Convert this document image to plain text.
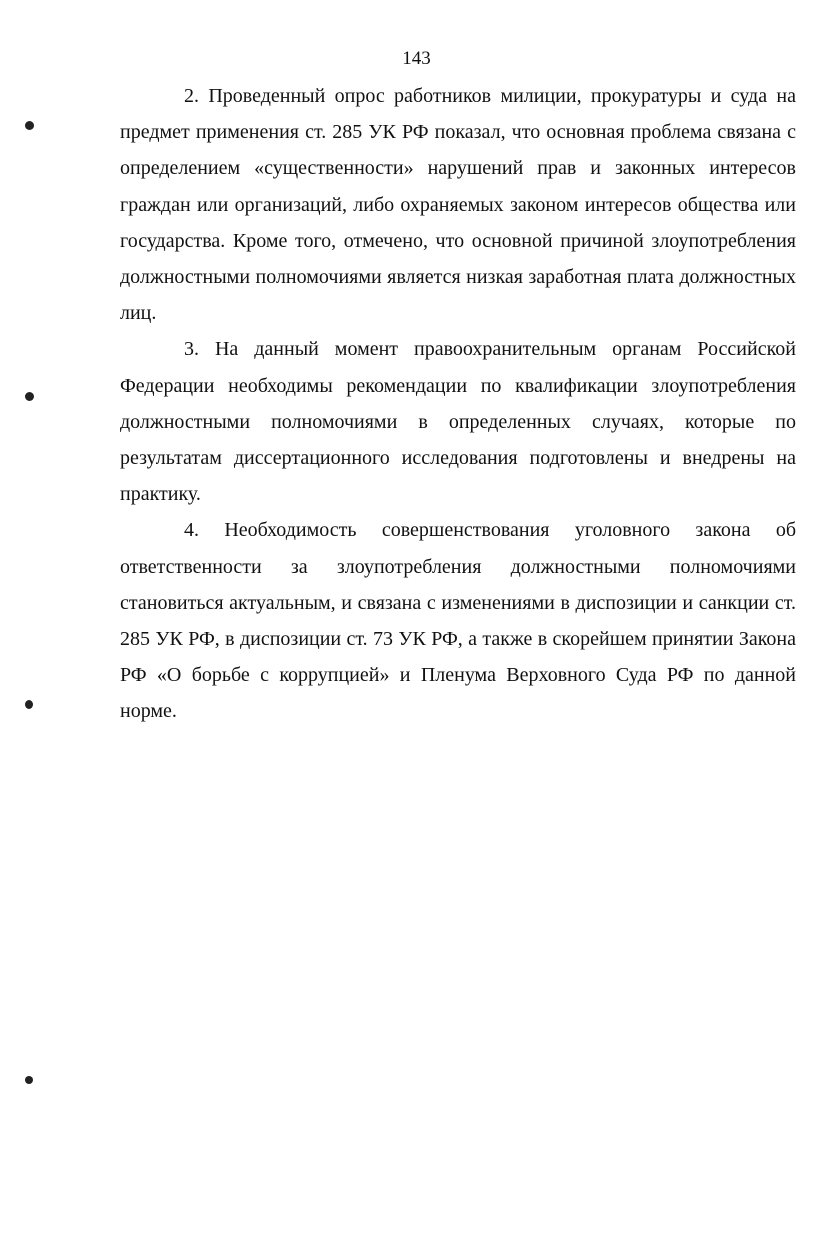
143

2. Проведенный опрос работников милиции, прокуратуры и суда на предмет применения ст. 285 УК РФ показал, что основная проблема связана с определением «существенности» нарушений прав и законных интересов граждан или организаций, либо охраняемых законом интересов общества или государства. Кроме того, отмечено, что основной причиной злоупотребления должностными полномочиями является низкая заработная плата должностных лиц.

3. На данный момент правоохранительным органам Российской Федерации необходимы рекомендации по квалификации злоупотребления должностными полномочиями в определенных случаях, которые по результатам диссертационного исследования подготовлены и внедрены на практику.

4. Необходимость совершенствования уголовного закона об ответственности за злоупотребления должностными полномочиями становиться актуальным, и связана с изменениями в диспозиции и санкции ст. 285 УК РФ, в диспозиции ст. 73 УК РФ, а также в скорейшем принятии Закона РФ «О борьбе с коррупцией» и Пленума Верховного Суда РФ по данной норме.
